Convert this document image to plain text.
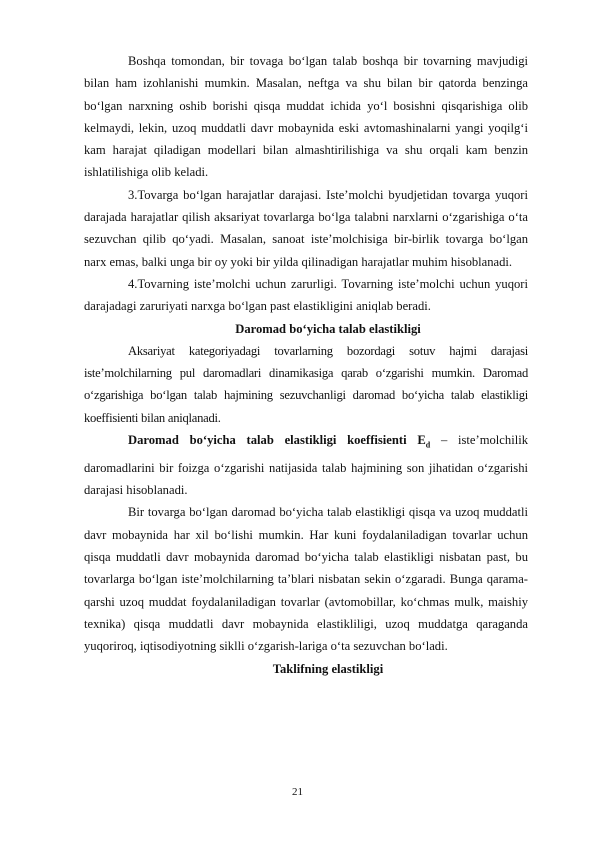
Boshqa tomondan, bir tovaga bo‘lgan talab boshqa bir tovarning mavjudigi bilan ham izohlanishi mumkin. Masalan, neftga va shu bilan bir qatorda benzinga bo‘lgan narxning oshib borishi qisqa muddat ichida yo‘l bosishni qisqarishiga olib kelmaydi, lekin, uzoq muddatli davr mobaynida eski avtomashinalarni yangi yoqilg‘i kam harajat qiladigan modellari bilan almashtirilishiga va shu orqali kam benzin ishlatilishiga olib keladi.

3.Tovarga bo‘lgan harajatlar darajasi. Iste’molchi byudjetidan tovarga yuqori darajada harajatlar qilish aksariyat tovarlarga bo‘lga talabni narxlarni o‘zgarishiga o‘ta sezuvchan qilib qo‘yadi. Masalan, sanoat iste’molchisiga bir-birlik tovarga bo‘lgan narx emas, balki unga bir oy yoki bir yilda qilinadigan harajatlar muhim hisoblanadi.

4.Tovarning iste’molchi uchun zarurligi. Tovarning iste’molchi uchun yuqori darajadagi zaruriyati narxga bo‘lgan past elastikligini aniqlab beradi.

Daromad bo‘yicha talab elastikligi

Aksariyat kategoriyadagi tovarlarning bozordagi sotuv hajmi darajasi iste’molchilarning pul daromadlari dinamikasiga qarab o‘zgarishi mumkin. Daromad o‘zgarishiga bo‘lgan talab hajmining sezuvchanligi daromad bo‘yicha talab elastikligi koeffisienti bilan aniqlanadi.

Daromad bo‘yicha talab elastikligi koeffisienti $E_d$ – iste’molchilik daromadlarini bir foizga o‘zgarishi natijasida talab hajmining son jihatidan o‘zgarishi darajasi hisoblanadi.

Bir tovarga bo‘lgan daromad bo‘yicha talab elastikligi qisqa va uzoq muddatli davr mobaynida har xil bo‘lishi mumkin. Har kuni foydalaniladigan tovarlar uchun qisqa muddatli davr mobaynida daromad bo‘yicha talab elastikligi nisbatan past, bu tovarlarga bo‘lgan iste’molchilarning ta’blari nisbatan sekin o‘zgaradi. Bunga qarama-qarshi uzoq muddat foydalaniladigan tovarlar (avtomobillar, ko‘chmas mulk, maishiy texnika) qisqa muddatli davr mobaynida elastikliligi, uzoq muddatga qaraganda yuqoriroq, iqtisodiyotning siklli o‘zgarish-lariga o‘ta sezuvchan bo‘ladi.

Taklifning elastikligi
21
